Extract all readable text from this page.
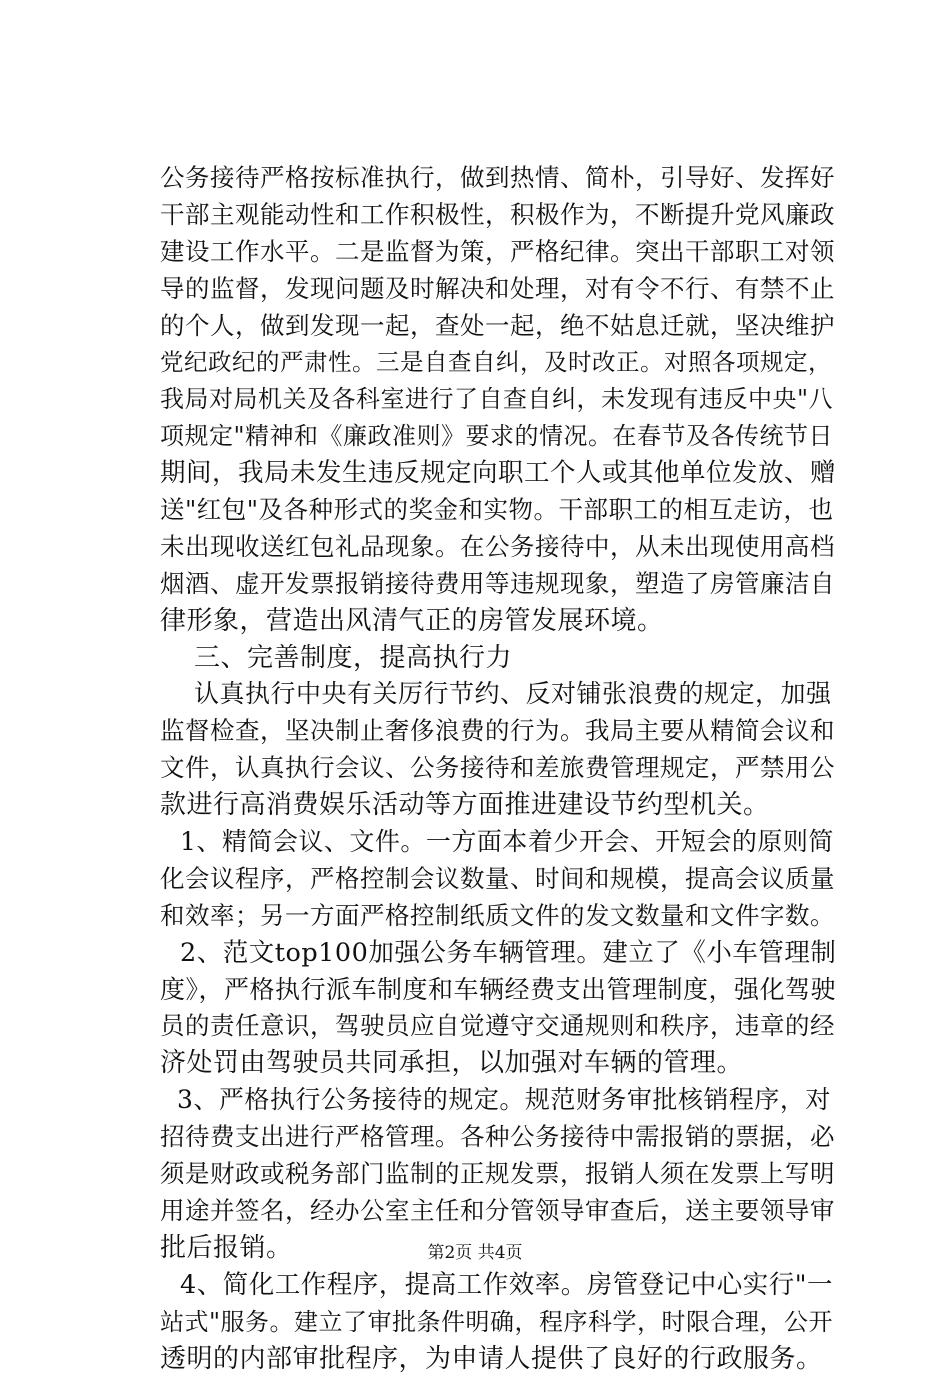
公务接待严格按标准执行，做到热情、简朴，引导好、发挥好
干部主观能动性和工作积极性，积极作为，不断提升党风廉政
建设工作水平。二是监督为策，严格纪律。突出干部职工对领
导的监督，发现问题及时解决和处理，对有令不行、有禁不止
的个人，做到发现一起，查处一起，绝不姑息迁就，坚决维护
党纪政纪的严肃性。三是自查自纠，及时改正。对照各项规定，
我局对局机关及各科室进行了自查自纠，未发现有违反中央"八
项规定"精神和《廉政准则》要求的情况。在春节及各传统节日
期间，我局未发生违反规定向职工个人或其他单位发放、赠
送"红包"及各种形式的奖金和实物。干部职工的相互走访，也
未出现收送红包礼品现象。在公务接待中，从未出现使用高档
烟酒、虚开发票报销接待费用等违规现象，塑造了房管廉洁自
律形象，营造出风清气正的房管发展环境。
三、完善制度，提高执行力
认真执行中央有关厉行节约、反对铺张浪费的规定，加强
监督检查，坚决制止奢侈浪费的行为。我局主要从精简会议和
文件，认真执行会议、公务接待和差旅费管理规定，严禁用公
款进行高消费娱乐活动等方面推进建设节约型机关。
1、精简会议、文件。一方面本着少开会、开短会的原则简
化会议程序，严格控制会议数量、时间和规模，提高会议质量
和效率；另一方面严格控制纸质文件的发文数量和文件字数。
2、范文top100加强公务车辆管理。建立了《小车管理制
度》，严格执行派车制度和车辆经费支出管理制度，强化驾驶
员的责任意识，驾驶员应自觉遵守交通规则和秩序，违章的经
济处罚由驾驶员共同承担，以加强对车辆的管理。
3、严格执行公务接待的规定。规范财务审批核销程序，对
招待费支出进行严格管理。各种公务接待中需报销的票据，必
须是财政或税务部门监制的正规发票，报销人须在发票上写明
用途并签名，经办公室主任和分管领导审查后，送主要领导审
批后报销。
4、简化工作程序，提高工作效率。房管登记中心实行"一
站式"服务。建立了审批条件明确，程序科学，时限合理，公开
透明的内部审批程序，为申请人提供了良好的行政服务。
第2页 共4页
